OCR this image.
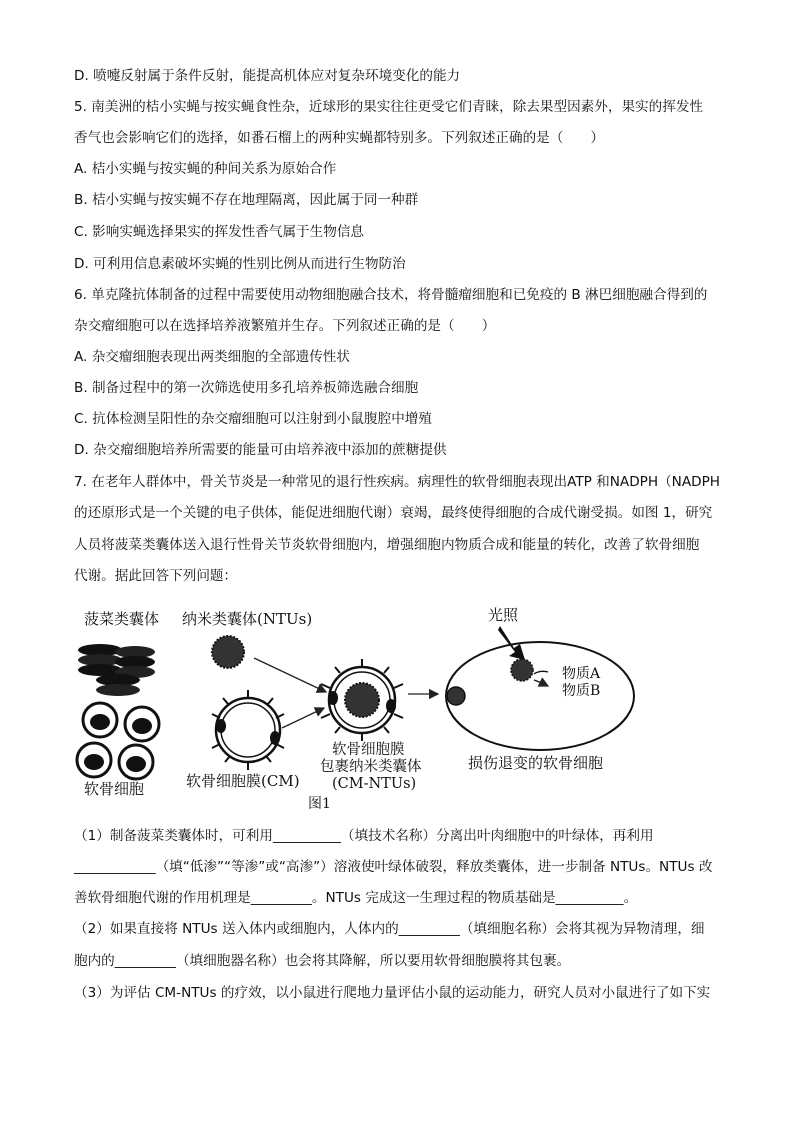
D. 喷嚏反射属于条件反射，能提高机体应对复杂环境变化的能力
5. 南美洲的桔小实蝇与按实蝇食性杂，近球形的果实往往更受它们青睐，除去果型因素外，果实的挥发性
香气也会影响它们的选择，如番石榴上的两种实蝇都特别多。下列叙述正确的是（　　）
A. 桔小实蝇与按实蝇的种间关系为原始合作
B. 桔小实蝇与按实蝇不存在地理隔离，因此属于同一种群
C. 影响实蝇选择果实的挥发性香气属于生物信息
D. 可利用信息素破坏实蝇的性别比例从而进行生物防治
6. 单克隆抗体制备的过程中需要使用动物细胞融合技术，将骨髓瘤细胞和已免疫的 B 淋巴细胞融合得到的
杂交瘤细胞可以在选择培养液繁殖并生存。下列叙述正确的是（　　）
A. 杂交瘤细胞表现出两类细胞的全部遗传性状
B. 制备过程中的第一次筛选使用多孔培养板筛选融合细胞
C. 抗体检测呈阳性的杂交瘤细胞可以注射到小鼠腹腔中增殖
D. 杂交瘤细胞培养所需要的能量可由培养液中添加的蔗糖提供
7. 在老年人群体中，骨关节炎是一种常见的退行性疾病。病理性的软骨细胞表现出ATP 和NADPH（NADPH
的还原形式是一个关键的电子供体，能促进细胞代谢）衰竭，最终使得细胞的合成代谢受损。如图 1，研究
人员将菠菜类囊体送入退行性骨关节炎软骨细胞内，增强细胞内物质合成和能量的转化，改善了软骨细胞
代谢。据此回答下列问题：
菠菜类囊体 纳米类囊体(NTUs)
软骨细胞	软骨细胞膜(CM)
软骨细胞膜
包裹纳米类囊体
(CM-NTUs)
光照
物质A
物质B
损伤退变的软骨细胞
图1
（1）制备菠菜类囊体时，可利用__________（填技术名称）分离出叶肉细胞中的叶绿体，再利用
____________（填“低渗”“等渗”或“高渗”）溶液使叶绿体破裂，释放类囊体，进一步制备 NTUs。NTUs 改
善软骨细胞代谢的作用机理是_________。NTUs 完成这一生理过程的物质基础是__________。
（2）如果直接将 NTUs 送入体内或细胞内，人体内的_________（填细胞名称）会将其视为异物清理，细
胞内的_________（填细胞器名称）也会将其降解，所以要用软骨细胞膜将其包裹。
（3）为评估 CM-NTUs 的疗效，以小鼠进行爬地力量评估小鼠的运动能力，研究人员对小鼠进行了如下实
